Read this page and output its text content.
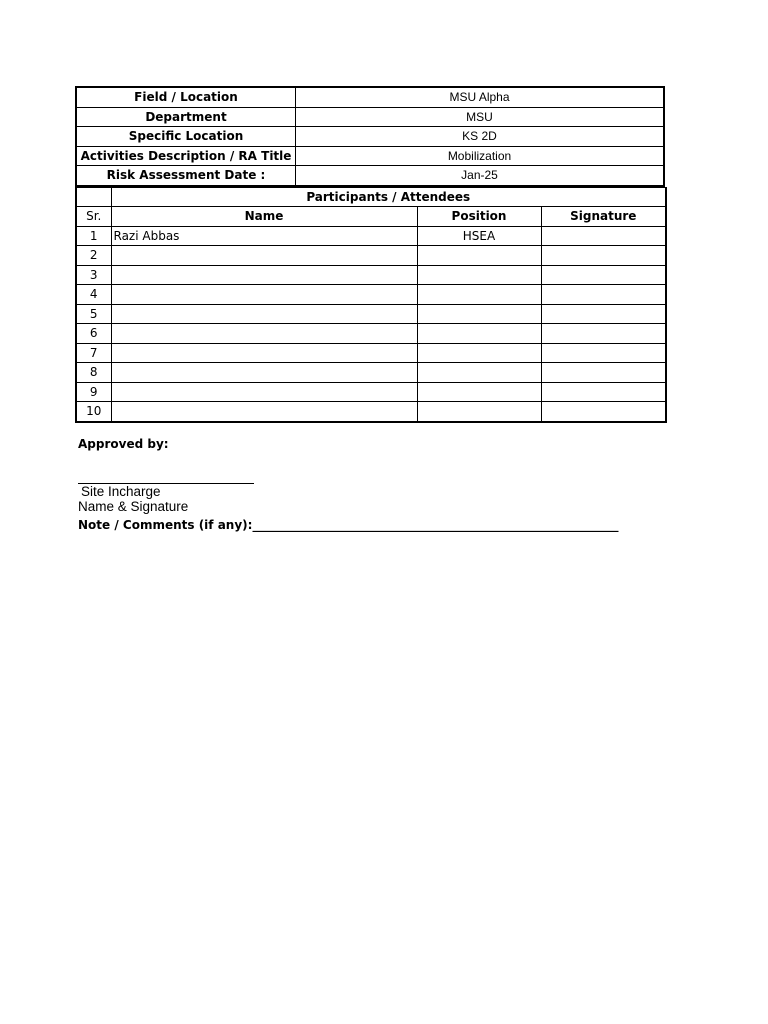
Field / Location	MSU Alpha
Department	MSU
Specific Location	KS 2D
Activities Description / RA Title	Mobilization
Risk Assessment Date :	Jan-25
	Participants / Attendees		
Sr.	Name	Position	Signature
1	Razi Abbas	HSEA	
2			
3			
4			
5			
6			
7			
8			
9			
10			
Approved by:
Site Incharge
Name & Signature
Note / Comments (if any):_____________________________________________________________
